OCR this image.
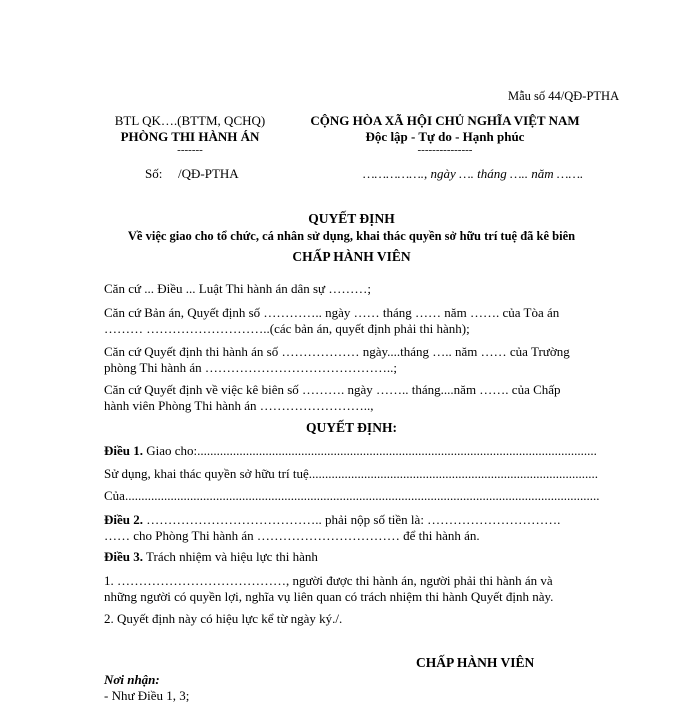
Mẫu số 44/QĐ-PTHA
BTL QK….(BTTM, QCHQ)
PHÒNG THI HÀNH ÁN
-------
Số: /QĐ-PTHA
CỘNG HÒA XÃ HỘI CHỦ NGHĨA VIỆT NAM
Độc lập - Tự do - Hạnh phúc
---------------
……………., ngày …. tháng ….. năm …….
QUYẾT ĐỊNH
Về việc giao cho tổ chức, cá nhân sử dụng, khai thác quyền sở hữu trí tuệ đã kê biên
CHẤP HÀNH VIÊN
Căn cứ ... Điều ... Luật Thi hành án dân sự ………;
Căn cứ Bản án, Quyết định số ………….. ngày …… tháng …… năm ……. của Tòa án
……… ………………………..(các bản án, quyết định phải thi hành);
Căn cứ Quyết định thi hành án số ……………… ngày....tháng ….. năm …… của Trường
phòng Thi hành án ……………………………………..;
Căn cứ Quyết định về việc kê biên số ………. ngày …….. tháng....năm ……. của Chấp
hành viên Phòng Thi hành án ……………………..,
QUYẾT ĐỊNH:
Điều 1. Giao cho:...........................................................................................................................
Sử dụng, khai thác quyền sở hữu trí tuệ.........................................................................................
Của..................................................................................................................................................
Điều 2. ………………………………….. phải nộp số tiền là: ………………………….
…… cho Phòng Thi hành án …………………………… để thi hành án.
Điều 3. Trách nhiệm và hiệu lực thi hành
1. …………………………………, người được thi hành án, người phải thi hành án và
những người có quyền lợi, nghĩa vụ liên quan có trách nhiệm thi hành Quyết định này.
2. Quyết định này có hiệu lực kể từ ngày ký./.
CHẤP HÀNH VIÊN
Nơi nhận:
- Như Điều 1, 3;
